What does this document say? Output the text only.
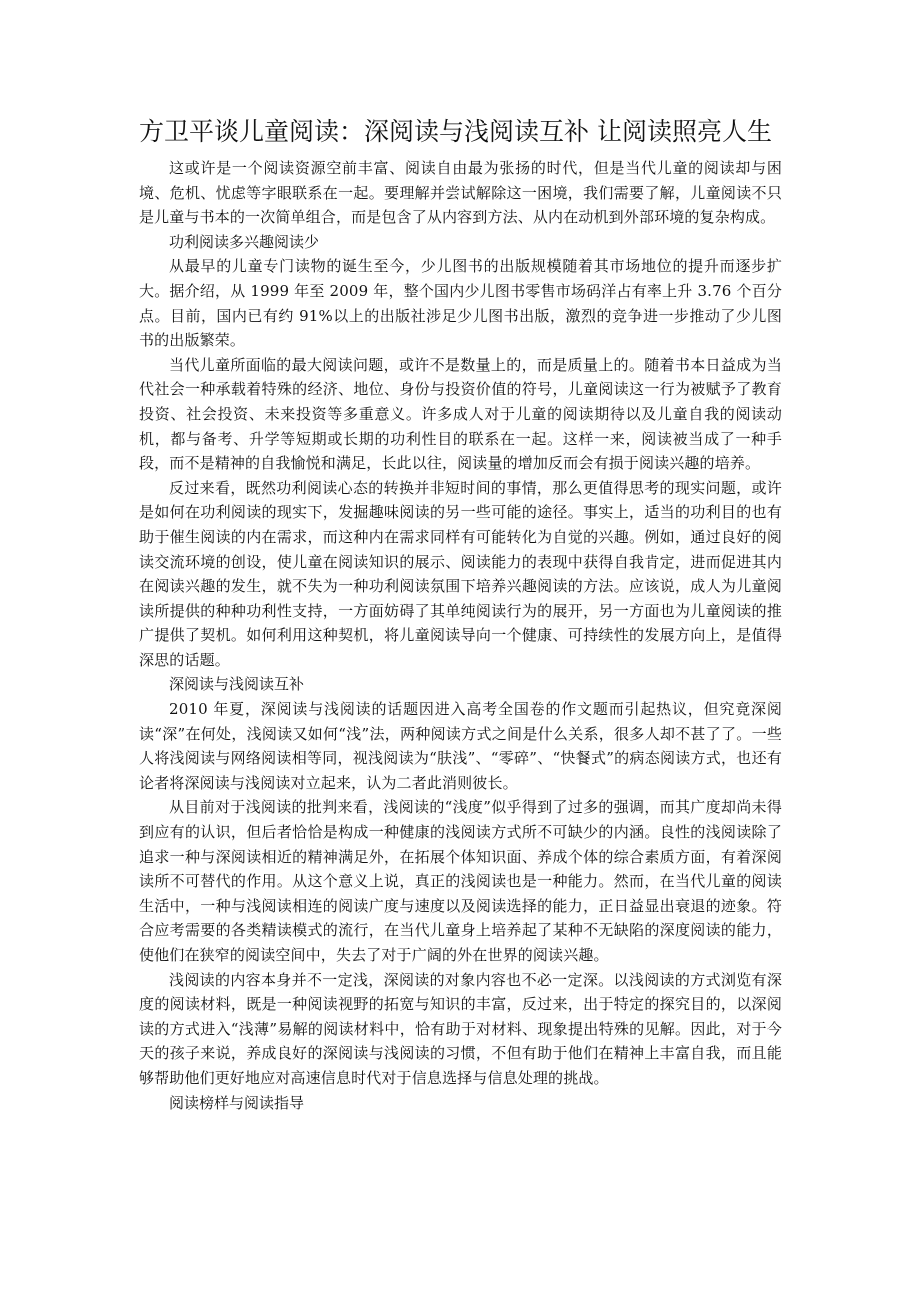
方卫平谈儿童阅读：深阅读与浅阅读互补 让阅读照亮人生

这或许是一个阅读资源空前丰富、阅读自由最为张扬的时代，但是当代儿童的阅读却与困境、危机、忧虑等字眼联系在一起。要理解并尝试解除这一困境，我们需要了解，儿童阅读不只是儿童与书本的一次简单组合，而是包含了从内容到方法、从内在动机到外部环境的复杂构成。

功利阅读多兴趣阅读少

从最早的儿童专门读物的诞生至今，少儿图书的出版规模随着其市场地位的提升而逐步扩大。据介绍，从 1999 年至 2009 年，整个国内少儿图书零售市场码洋占有率上升 3.76 个百分点。目前，国内已有约 91%以上的出版社涉足少儿图书出版，激烈的竞争进一步推动了少儿图书的出版繁荣。

当代儿童所面临的最大阅读问题，或许不是数量上的，而是质量上的。随着书本日益成为当代社会一种承载着特殊的经济、地位、身份与投资价值的符号，儿童阅读这一行为被赋予了教育投资、社会投资、未来投资等多重意义。许多成人对于儿童的阅读期待以及儿童自我的阅读动机，都与备考、升学等短期或长期的功利性目的联系在一起。这样一来，阅读被当成了一种手段，而不是精神的自我愉悦和满足，长此以往，阅读量的增加反而会有损于阅读兴趣的培养。

反过来看，既然功利阅读心态的转换并非短时间的事情，那么更值得思考的现实问题，或许是如何在功利阅读的现实下，发掘趣味阅读的另一些可能的途径。事实上，适当的功利目的也有助于催生阅读的内在需求，而这种内在需求同样有可能转化为自觉的兴趣。例如，通过良好的阅读交流环境的创设，使儿童在阅读知识的展示、阅读能力的表现中获得自我肯定，进而促进其内在阅读兴趣的发生，就不失为一种功利阅读氛围下培养兴趣阅读的方法。应该说，成人为儿童阅读所提供的种种功利性支持，一方面妨碍了其单纯阅读行为的展开，另一方面也为儿童阅读的推广提供了契机。如何利用这种契机，将儿童阅读导向一个健康、可持续性的发展方向上，是值得深思的话题。

深阅读与浅阅读互补

2010 年夏，深阅读与浅阅读的话题因进入高考全国卷的作文题而引起热议，但究竟深阅读“深”在何处，浅阅读又如何“浅”法，两种阅读方式之间是什么关系，很多人却不甚了了。一些人将浅阅读与网络阅读相等同，视浅阅读为“肤浅”、“零碎”、“快餐式”的病态阅读方式，也还有论者将深阅读与浅阅读对立起来，认为二者此消则彼长。

从目前对于浅阅读的批判来看，浅阅读的“浅度”似乎得到了过多的强调，而其广度却尚未得到应有的认识，但后者恰恰是构成一种健康的浅阅读方式所不可缺少的内涵。良性的浅阅读除了追求一种与深阅读相近的精神满足外，在拓展个体知识面、养成个体的综合素质方面，有着深阅读所不可替代的作用。从这个意义上说，真正的浅阅读也是一种能力。然而，在当代儿童的阅读生活中，一种与浅阅读相连的阅读广度与速度以及阅读选择的能力，正日益显出衰退的迹象。符合应考需要的各类精读模式的流行，在当代儿童身上培养起了某种不无缺陷的深度阅读的能力，使他们在狭窄的阅读空间中，失去了对于广阔的外在世界的阅读兴趣。

浅阅读的内容本身并不一定浅，深阅读的对象内容也不必一定深。以浅阅读的方式浏览有深度的阅读材料，既是一种阅读视野的拓宽与知识的丰富，反过来，出于特定的探究目的，以深阅读的方式进入“浅薄”易解的阅读材料中，恰有助于对材料、现象提出特殊的见解。因此，对于今天的孩子来说，养成良好的深阅读与浅阅读的习惯，不但有助于他们在精神上丰富自我，而且能够帮助他们更好地应对高速信息时代对于信息选择与信息处理的挑战。

阅读榜样与阅读指导
